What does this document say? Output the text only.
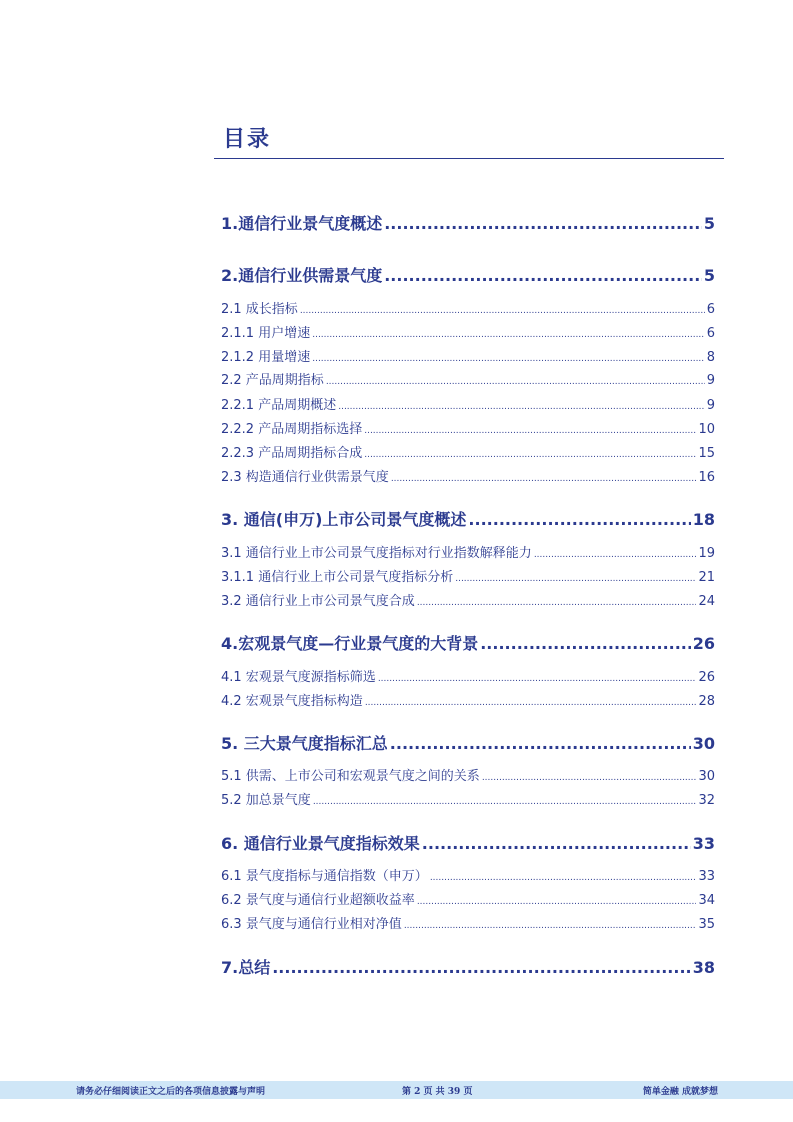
目录
1.通信行业景气度概述 .....	5
2.通信行业供需景气度 .....	5
2.1 成长指标 .....	6
2.1.1 用户增速 .....	6
2.1.2 用量增速 .....	8
2.2 产品周期指标 .....	9
2.2.1 产品周期概述 .....	9
2.2.2 产品周期指标选择 .....	10
2.2.3 产品周期指标合成 .....	15
2.3 构造通信行业供需景气度 .....	16
3. 通信(申万)上市公司景气度概述 .....	18
3.1 通信行业上市公司景气度指标对行业指数解释能力 .....	19
3.1.1 通信行业上市公司景气度指标分析 .....	21
3.2 通信行业上市公司景气度合成 .....	24
4.宏观景气度—行业景气度的大背景 .....	26
4.1 宏观景气度源指标筛选 .....	26
4.2 宏观景气度指标构造 .....	28
5. 三大景气度指标汇总 .....	30
5.1 供需、上市公司和宏观景气度之间的关系 .....	30
5.2 加总景气度 .....	32
6. 通信行业景气度指标效果 .....	33
6.1 景气度指标与通信指数（申万） .....	33
6.2 景气度与通信行业超额收益率 .....	34
6.3 景气度与通信行业相对净值 .....	35
7.总结 .....	38
请务必仔细阅读正文之后的各项信息披露与声明	第 2 页 共 39 页	简单金融 成就梦想
